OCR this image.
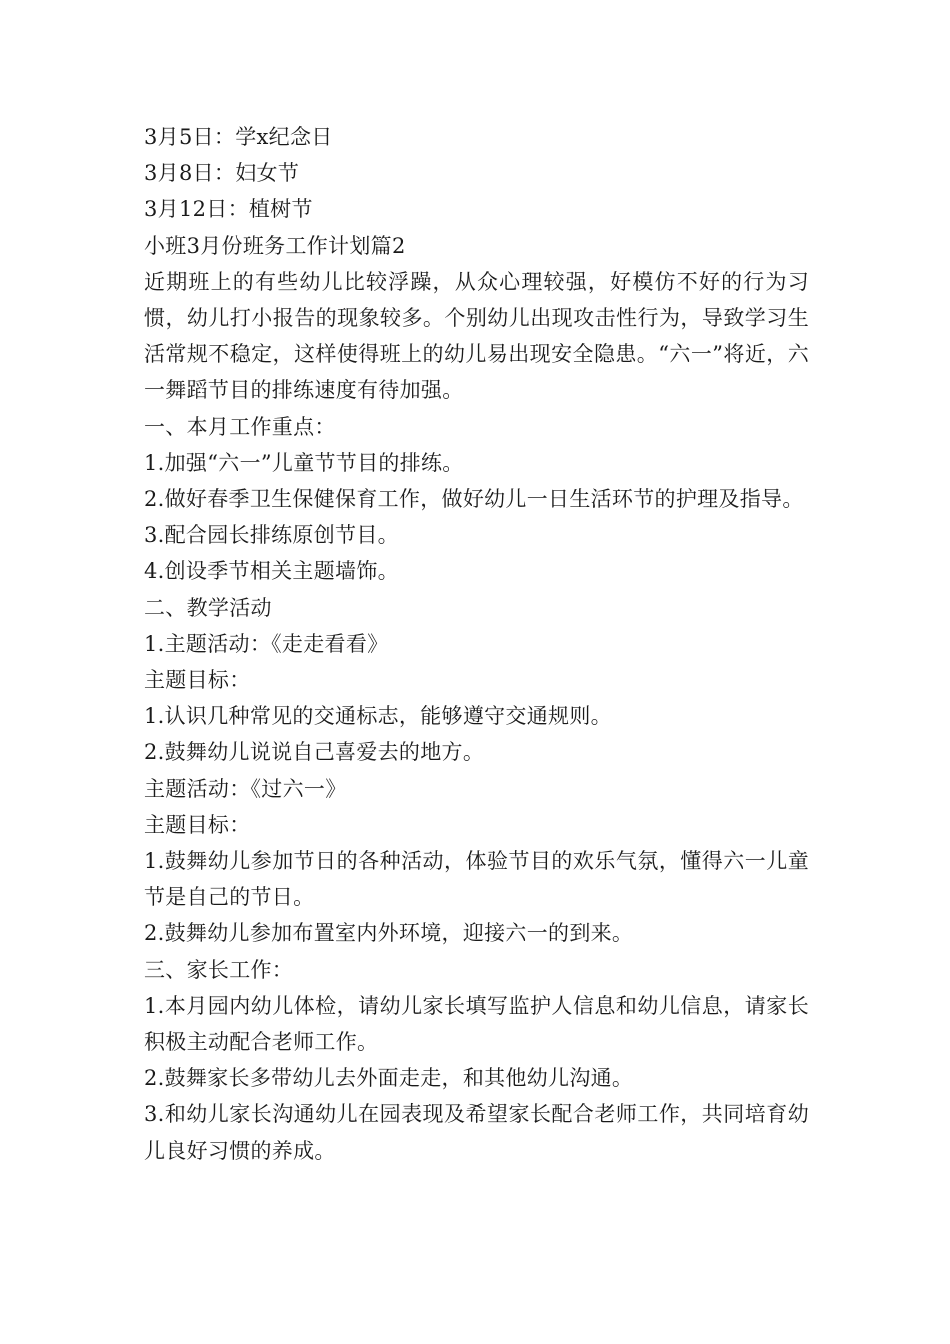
3月5日：学x纪念日

3月8日：妇女节

3月12日：植树节

小班3月份班务工作计划篇2

近期班上的有些幼儿比较浮躁，从众心理较强，好模仿不好的行为习惯，幼儿打小报告的现象较多。个别幼儿出现攻击性行为，导致学习生活常规不稳定，这样使得班上的幼儿易出现安全隐患。“六一”将近，六一舞蹈节目的排练速度有待加强。

一、本月工作重点：

1.加强“六一”儿童节节目的排练。

2.做好春季卫生保健保育工作，做好幼儿一日生活环节的护理及指导。

3.配合园长排练原创节目。

4.创设季节相关主题墙饰。

二、教学活动

1.主题活动：《走走看看》

主题目标：

1.认识几种常见的交通标志，能够遵守交通规则。

2.鼓舞幼儿说说自己喜爱去的地方。

主题活动：《过六一》

主题目标：

1.鼓舞幼儿参加节日的各种活动，体验节目的欢乐气氛，懂得六一儿童节是自己的节日。

2.鼓舞幼儿参加布置室内外环境，迎接六一的到来。

三、家长工作：

1.本月园内幼儿体检，请幼儿家长填写监护人信息和幼儿信息，请家长积极主动配合老师工作。

2.鼓舞家长多带幼儿去外面走走，和其他幼儿沟通。

3.和幼儿家长沟通幼儿在园表现及希望家长配合老师工作，共同培育幼儿良好习惯的养成。
